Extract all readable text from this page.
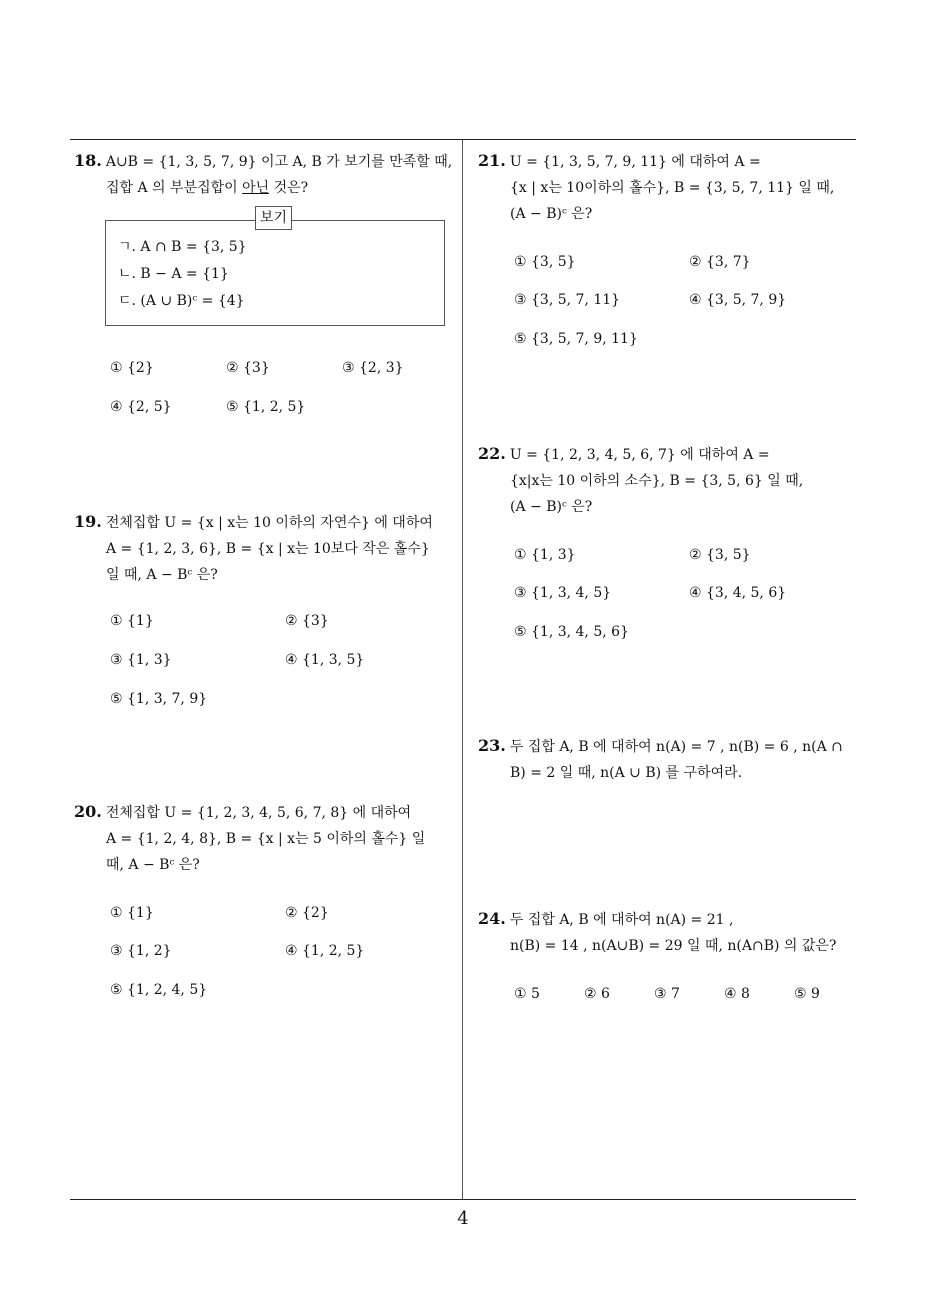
18. A∪B = {1, 3, 5, 7, 9} 이고 A, B 가 보기를 만족할 때,
집합 A 의 부분집합이 아닌 것은?
보기
ㄱ. A ∩ B = {3, 5}
ㄴ. B − A = {1}
ㄷ. (A ∪ B)ᶜ = {4}
① {2}	② {3}	③ {2, 3}
④ {2, 5}	⑤ {1, 2, 5}
19. 전체집합 U = {x | x는 10 이하의 자연수} 에 대하여
A = {1, 2, 3, 6}, B = {x | x는 10보다 작은 홀수}
일 때, A − Bᶜ 은?
① {1}	② {3}
③ {1, 3}	④ {1, 3, 5}
⑤ {1, 3, 7, 9}
20. 전체집합 U = {1, 2, 3, 4, 5, 6, 7, 8} 에 대하여
A = {1, 2, 4, 8}, B = {x | x는 5 이하의 홀수} 일
때, A − Bᶜ 은?
① {1}	② {2}
③ {1, 2}	④ {1, 2, 5}
⑤ {1, 2, 4, 5}
21. U = {1, 3, 5, 7, 9, 11} 에 대하여 A =
{x | x는 10이하의 홀수}, B = {3, 5, 7, 11} 일 때,
(A − B)ᶜ 은?
① {3, 5}	② {3, 7}
③ {3, 5, 7, 11}	④ {3, 5, 7, 9}
⑤ {3, 5, 7, 9, 11}
22. U = {1, 2, 3, 4, 5, 6, 7} 에 대하여 A =
{x|x는 10 이하의 소수}, B = {3, 5, 6} 일 때,
(A − B)ᶜ 은?
① {1, 3}	② {3, 5}
③ {1, 3, 4, 5}	④ {3, 4, 5, 6}
⑤ {1, 3, 4, 5, 6}
23. 두 집합 A, B 에 대하여 n(A) = 7 , n(B) = 6 , n(A ∩
B) = 2 일 때, n(A ∪ B) 를 구하여라.
24. 두 집합 A, B 에 대하여 n(A) = 21 ,
n(B) = 14 , n(A∪B) = 29 일 때, n(A∩B) 의 값은?
① 5	② 6	③ 7	④ 8	⑤ 9
4
